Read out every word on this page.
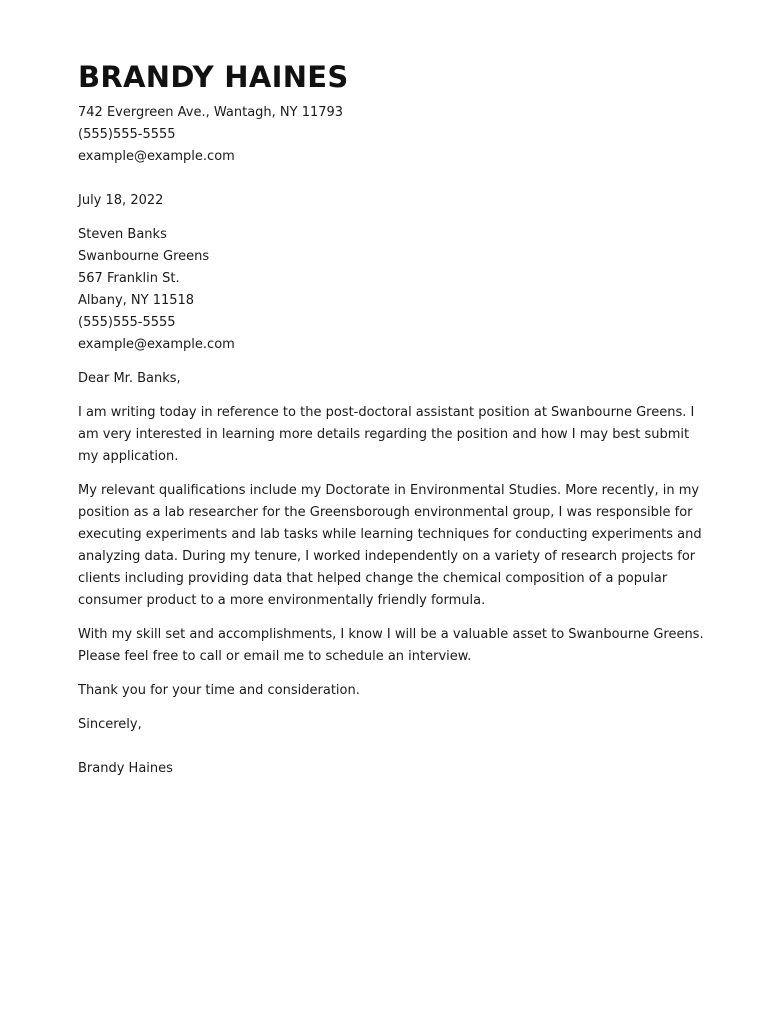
BRANDY HAINES
742 Evergreen Ave., Wantagh, NY 11793
(555)555-5555
example@example.com
July 18, 2022
Steven Banks
Swanbourne Greens
567 Franklin St.
Albany, NY 11518
(555)555-5555
example@example.com
Dear Mr. Banks,

I am writing today in reference to the post-doctoral assistant position at Swanbourne Greens. I am very interested in learning more details regarding the position and how I may best submit my application.

My relevant qualifications include my Doctorate in Environmental Studies. More recently, in my position as a lab researcher for the Greensborough environmental group, I was responsible for executing experiments and lab tasks while learning techniques for conducting experiments and analyzing data. During my tenure, I worked independently on a variety of research projects for clients including providing data that helped change the chemical composition of a popular consumer product to a more environmentally friendly formula.

With my skill set and accomplishments, I know I will be a valuable asset to Swanbourne Greens. Please feel free to call or email me to schedule an interview.

Thank you for your time and consideration.

Sincerely,
Brandy Haines
